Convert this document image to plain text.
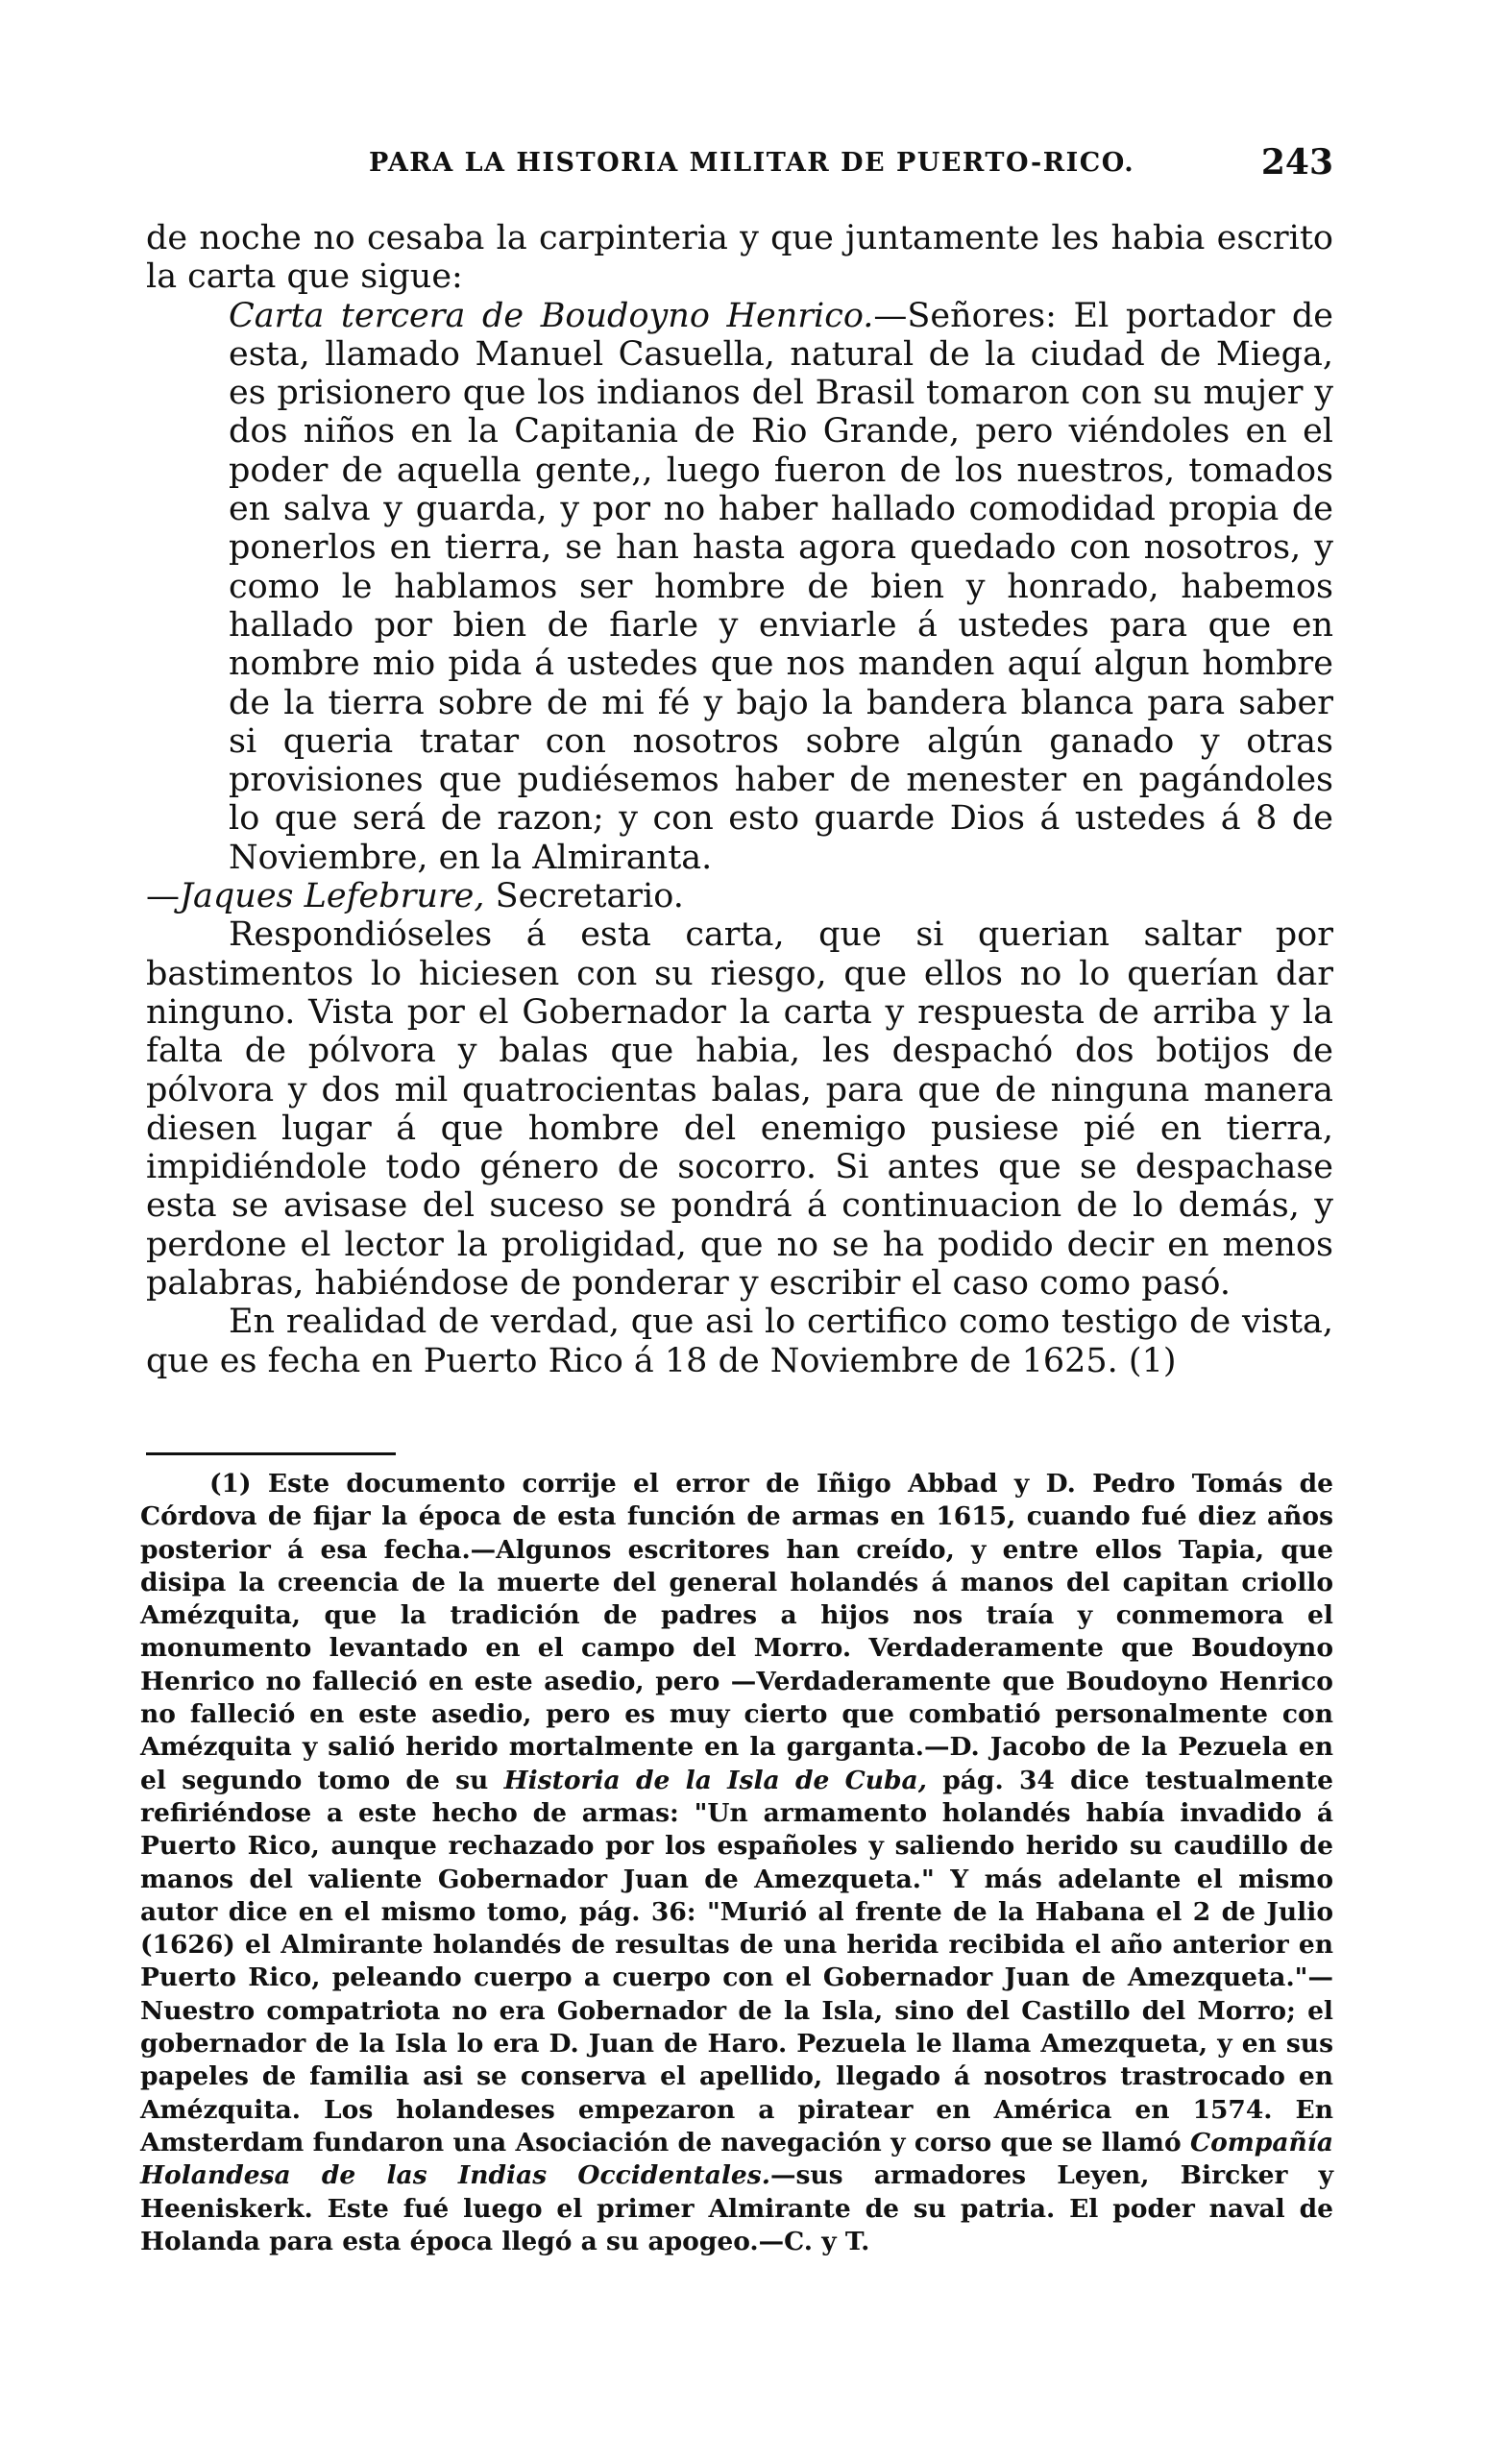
PARA LA HISTORIA MILITAR DE PUERTO-RICO.	243

de noche no cesaba la carpinteria y que juntamente les habia escrito la carta que sigue:

Carta tercera de Boudoyno Henrico.—Señores: El portador de esta, llamado Manuel Casuella, natural de la ciudad de Miega, es prisionero que los indianos del Brasil tomaron con su mujer y dos niños en la Capitania de Rio Grande, pero viéndoles en el poder de aquella gente,, luego fueron de los nuestros, tomados en salva y guarda, y por no haber hallado comodidad propia de ponerlos en tierra, se han hasta agora quedado con nosotros, y como le hablamos ser hombre de bien y honrado, habemos hallado por bien de fiarle y enviarle á ustedes para que en nombre mio pida á ustedes que nos manden aquí algun hombre de la tierra sobre de mi fé y bajo la bandera blanca para saber si queria tratar con nosotros sobre algún ganado y otras provisiones que pudiésemos haber de menester en pagándoles lo que será de razon; y con esto guarde Dios á ustedes á 8 de Noviembre, en la Almiranta.

—Jaques Lefebrure, Secretario.

Respondióseles á esta carta, que si querian saltar por bastimentos lo hiciesen con su riesgo, que ellos no lo querían dar ninguno. Vista por el Gobernador la carta y respuesta de arriba y la falta de pólvora y balas que habia, les despachó dos botijos de pólvora y dos mil quatrocientas balas, para que de ninguna manera diesen lugar á que hombre del enemigo pusiese pié en tierra, impidiéndole todo género de socorro. Si antes que se despachase esta se avisase del suceso se pondrá á continuacion de lo demás, y perdone el lector la proligidad, que no se ha podido decir en menos palabras, habiéndose de ponderar y escribir el caso como pasó.

En realidad de verdad, que asi lo certifico como testigo de vista, que es fecha en Puerto Rico á 18 de Noviembre de 1625. (1)

(1) Este documento corrije el error de Iñigo Abbad y D. Pedro Tomás de Córdova de fijar la época de esta función de armas en 1615, cuando fué diez años posterior á esa fecha.—Algunos escritores han creído, y entre ellos Tapia, que disipa la creencia de la muerte del general holandés á manos del capitan criollo Amézquita, que la tradición de padres a hijos nos traía y conmemora el monumento levantado en el campo del Morro. Verdaderamente que Boudoyno Henrico no falleció en este asedio, pero —Verdaderamente que Boudoyno Henrico no falleció en este asedio, pero es muy cierto que combatió personalmente con Amézquita y salió herido mortalmente en la garganta.—D. Jacobo de la Pezuela en el segundo tomo de su Historia de la Isla de Cuba, pág. 34 dice testualmente refiriéndose a este hecho de armas: "Un armamento holandés había invadido á Puerto Rico, aunque rechazado por los españoles y saliendo herido su caudillo de manos del valiente Gobernador Juan de Amezqueta." Y más adelante el mismo autor dice en el mismo tomo, pág. 36: "Murió al frente de la Habana el 2 de Julio (1626) el Almirante holandés de resultas de una herida recibida el año anterior en Puerto Rico, peleando cuerpo a cuerpo con el Gobernador Juan de Amezqueta."—Nuestro compatriota no era Gobernador de la Isla, sino del Castillo del Morro; el gobernador de la Isla lo era D. Juan de Haro. Pezuela le llama Amezqueta, y en sus papeles de familia asi se conserva el apellido, llegado á nosotros trastrocado en Amézquita. Los holandeses empezaron a piratear en América en 1574. En Amsterdam fundaron una Asociación de navegación y corso que se llamó Compañía Holandesa de las Indias Occidentales.—sus armadores Leyen, Bircker y Heeniskerk. Este fué luego el primer Almirante de su patria. El poder naval de Holanda para esta época llegó a su apogeo.—C. y T.
